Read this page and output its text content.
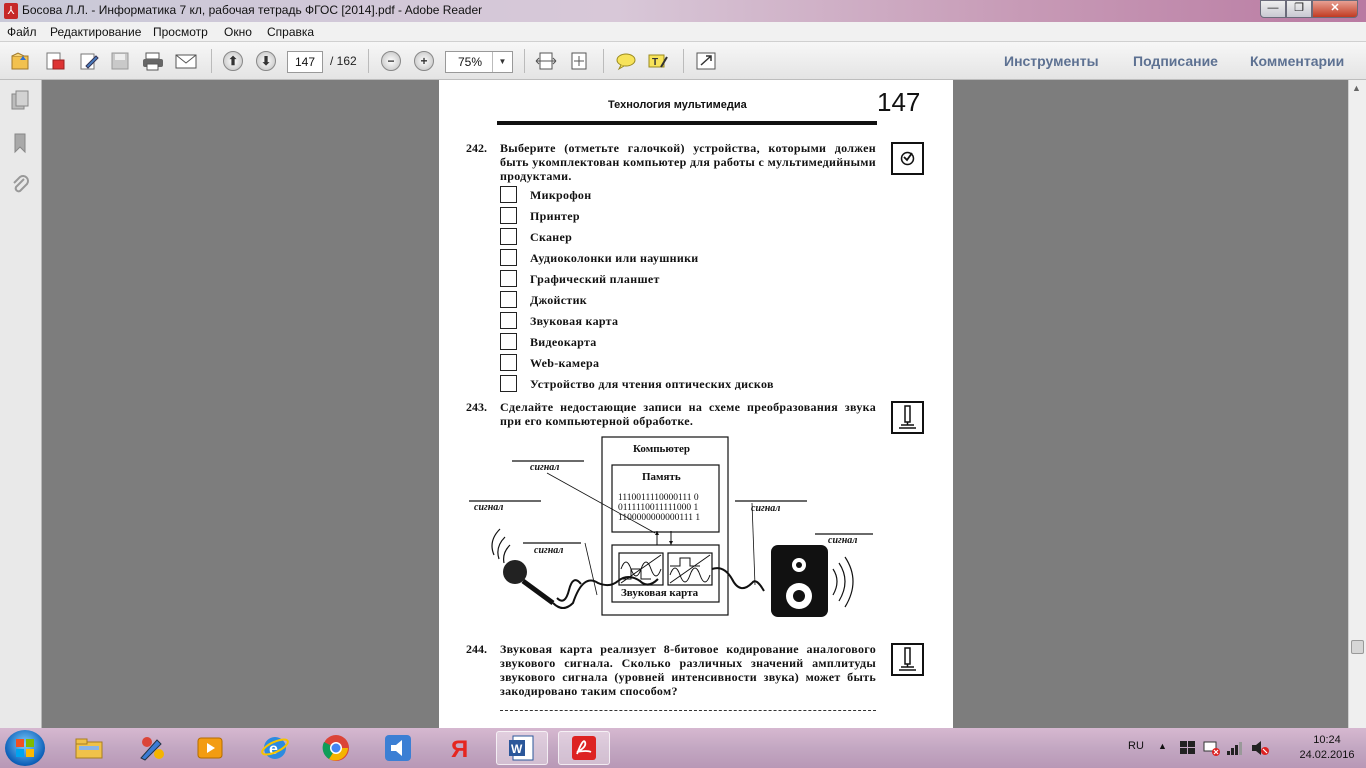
⅄ Босова Л.Л. - Информатика 7 кл, рабочая тетрадь ФГОС [2014].pdf - Adobe Reader	—	❐	✕
Файл Редактирование Просмотр Окно Справка
⬆	⬇	147	/ 162	−	+	75%	▼	T	Инструменты Подписание Комментарии
Технология мультимедиа	147
242. Выберите (отметьте галочкой) устройства, которыми должен быть укомплектован компьютер для работы с мультимедийными продуктами.
Микрофон
Принтер
Сканер
Аудиоколонки или наушники
Графический планшет
Джойстик
Звуковая карта
Видеокарта
Web-камера
Устройство для чтения оптических дисков
243. Сделайте недостающие записи на схеме преобразования звука при его компьютерной обработке.
Компьютер
Память
1110011110000111 0
0111110011111000 1
1100000000000111 1
Звуковая карта
сигнал
сигнал
сигнал
сигнал
сигнал
244. Звуковая карта реализует 8-битовое кодирование аналогового звукового сигнала. Сколько различных значений амплитуды звукового сигнала (уровней интенсивности звука) может быть закодировано таким способом?
▲
e	Я	W	RU ▲	10:24
24.02.2016
